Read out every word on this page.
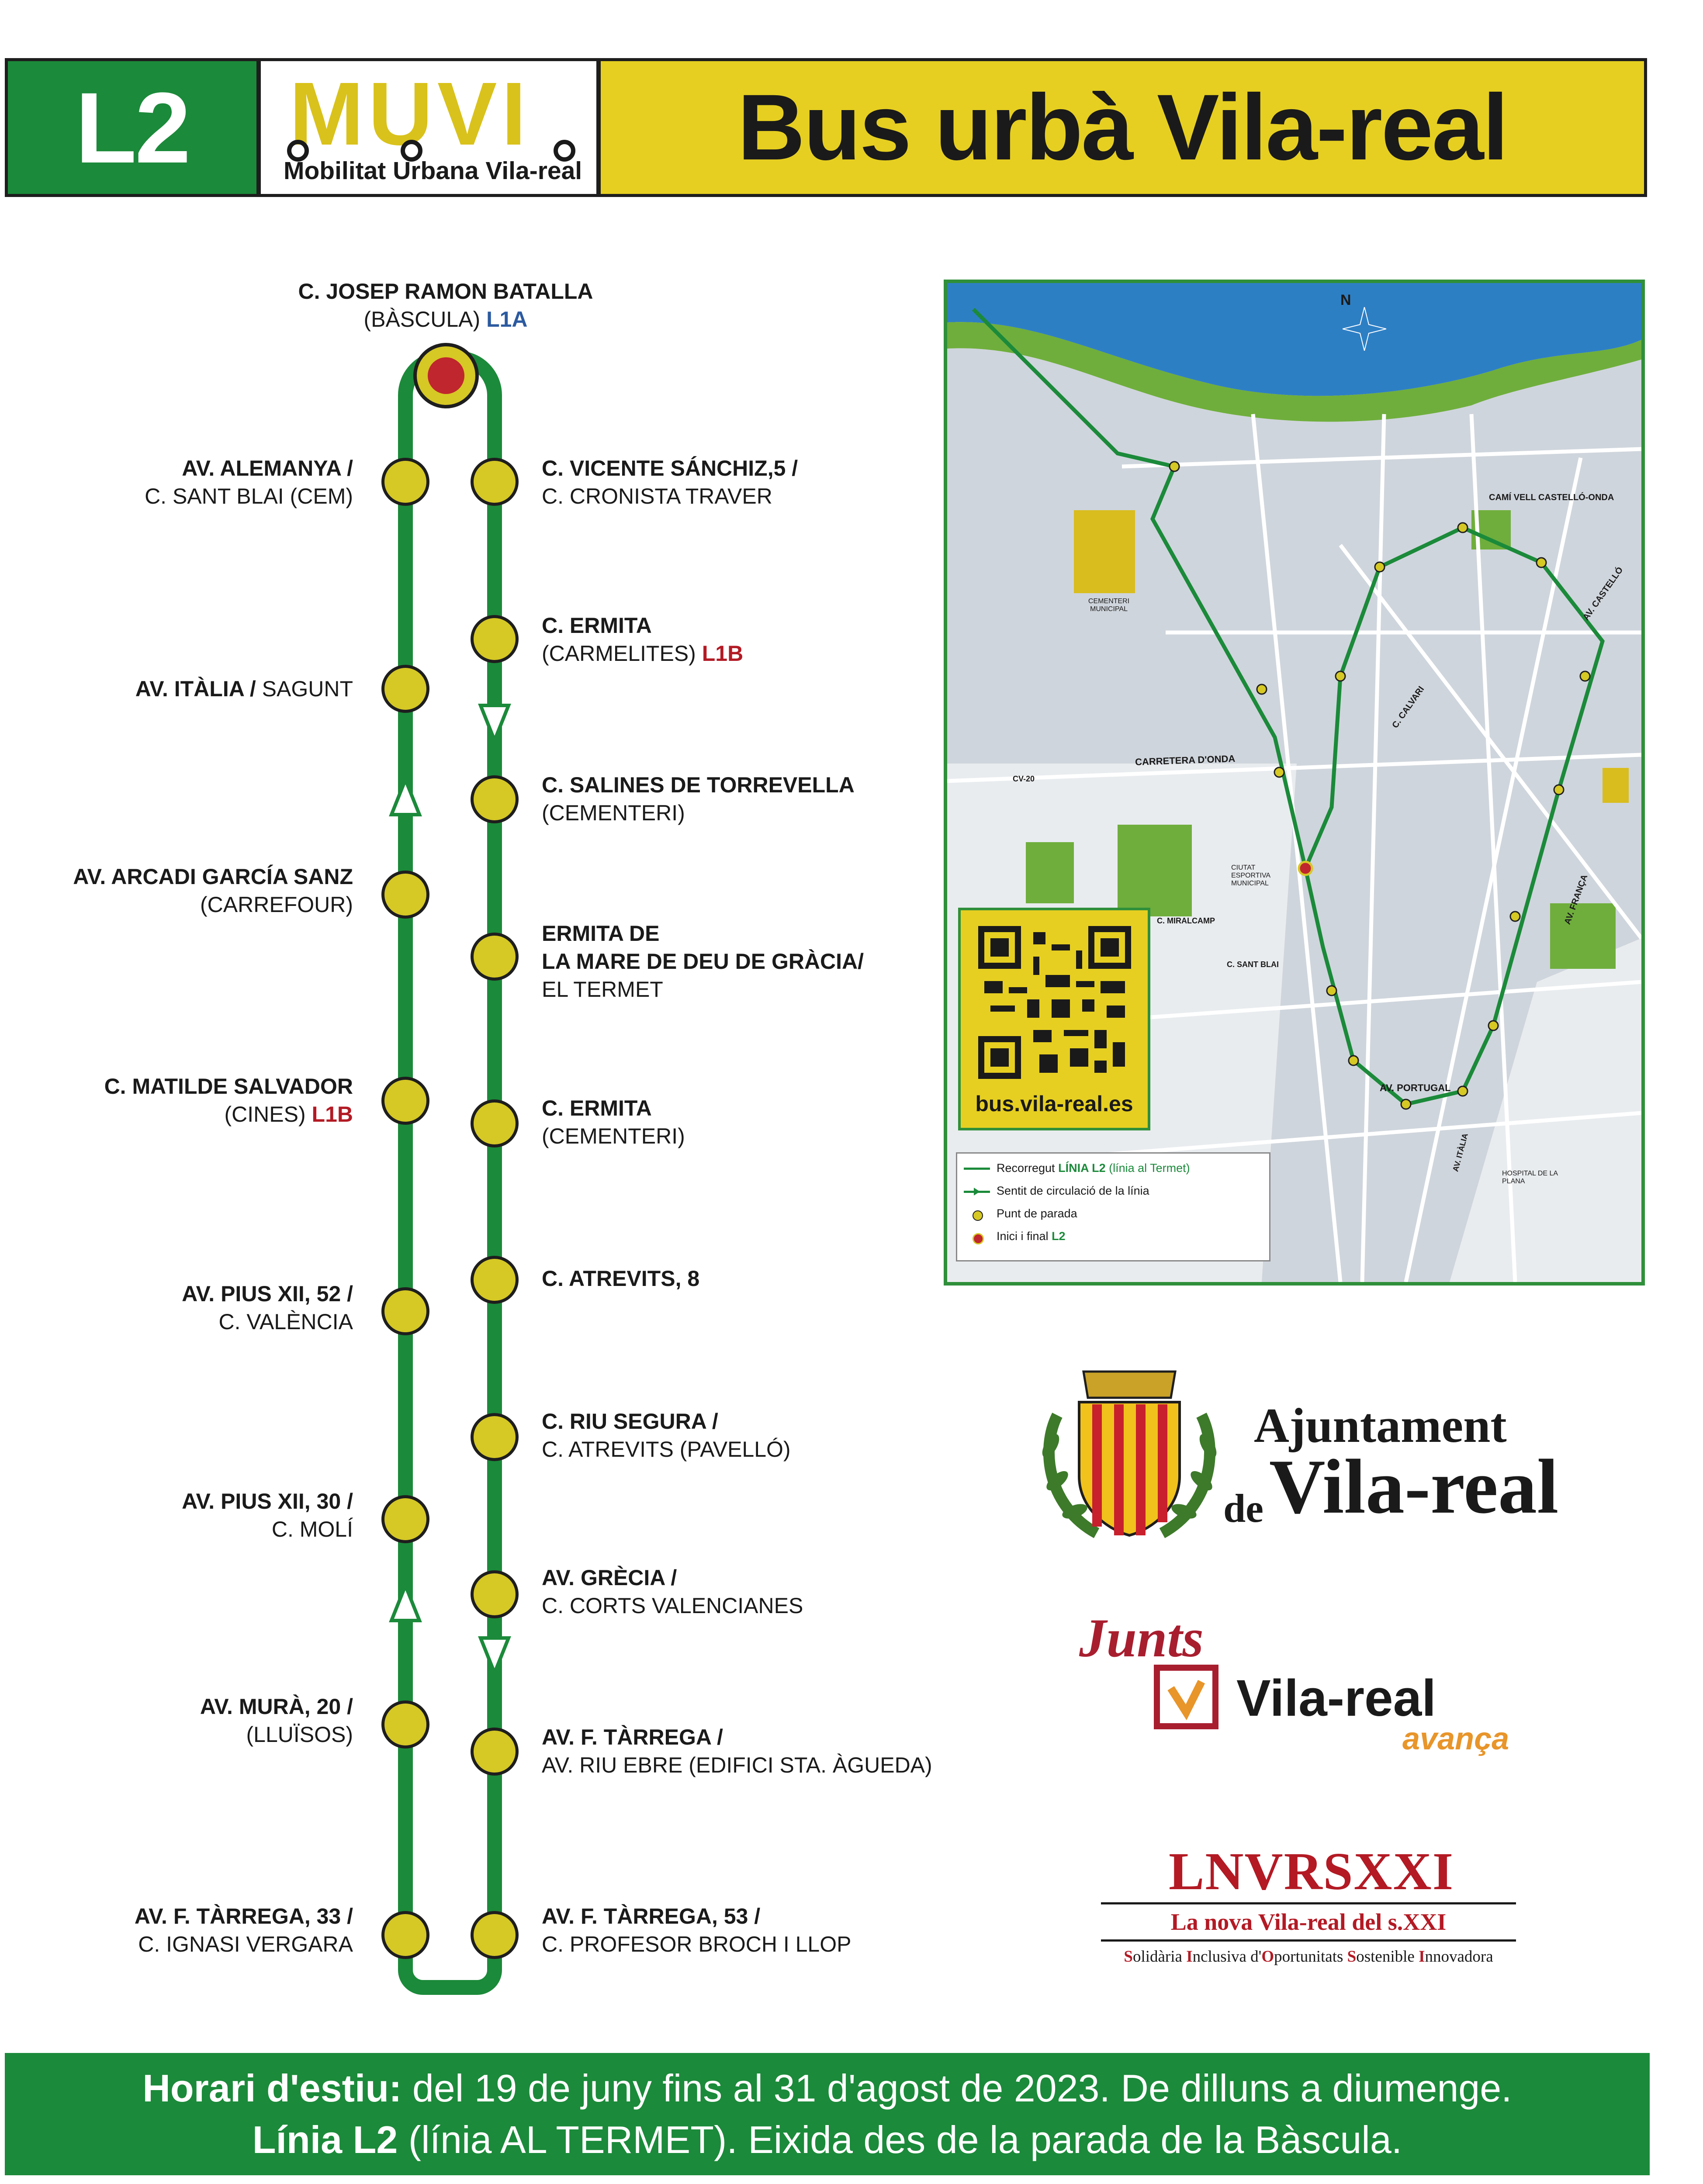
L2 MUVI
Mobilitat Urbana Vila-real	Bus urbà Vila-real
C. JOSEP RAMON BATALLA
(BÀSCULA) L1A
AV. ALEMANYA /
C. SANT BLAI (CEM)
AV. ITÀLIA / SAGUNT
AV. ARCADI GARCÍA SANZ
(CARREFOUR)
C. MATILDE SALVADOR
(CINES) L1B
AV. PIUS XII, 52 /
C. VALÈNCIA
AV. PIUS XII, 30 /
C. MOLÍ
AV. MURÀ, 20 /
(LLUÏSOS)
AV. F. TÀRREGA, 33 /
C. IGNASI VERGARA
C. VICENTE SÁNCHIZ,5 /
C. CRONISTA TRAVER
C. ERMITA
(CARMELITES) L1B
C. SALINES DE TORREVELLA
(CEMENTERI)
ERMITA DE
LA MARE DE DEU DE GRÀCIA/
EL TERMET
C. ERMITA
(CEMENTERI)
C. ATREVITS, 8
C. RIU SEGURA /
C. ATREVITS (PAVELLÓ)
AV. GRÈCIA /
C. CORTS VALENCIANES
AV. F. TÀRREGA /
AV. RIU EBRE (EDIFICI STA. ÀGUEDA)
AV. F. TÀRREGA, 53 /
C. PROFESOR BROCH I LLOP
N
CARRETERA D'ONDA
CAMÍ VELL CASTELLÓ-ONDA
AV. CASTELLÓ
AV. PORTUGAL
AV. FRANÇA
C. CALVARI
CV-20
AV. ITÀLIA
C. MIRALCAMP
C. SANT BLAI
CEMENTERI MUNICIPAL
CIUTAT ESPORTIVA MUNICIPAL
HOSPITAL DE LA PLANA
bus.vila-real.es
Recorregut LÍNIA L2 (línia al Termet)
Sentit de circulació de la línia
Punt de parada
Inici i final L2
Ajuntament
de Vila-real
Junts
Vila-real
avança
LNVRSXXI
La nova Vila-real del s.XXI
Solidària Inclusiva d'Oportunitats Sostenible Innovadora
Horari d'estiu: del 19 de juny fins al 31 d'agost de 2023. De dilluns a diumenge.
Línia L2 (línia AL TERMET). Eixida des de la parada de la Bàscula.
